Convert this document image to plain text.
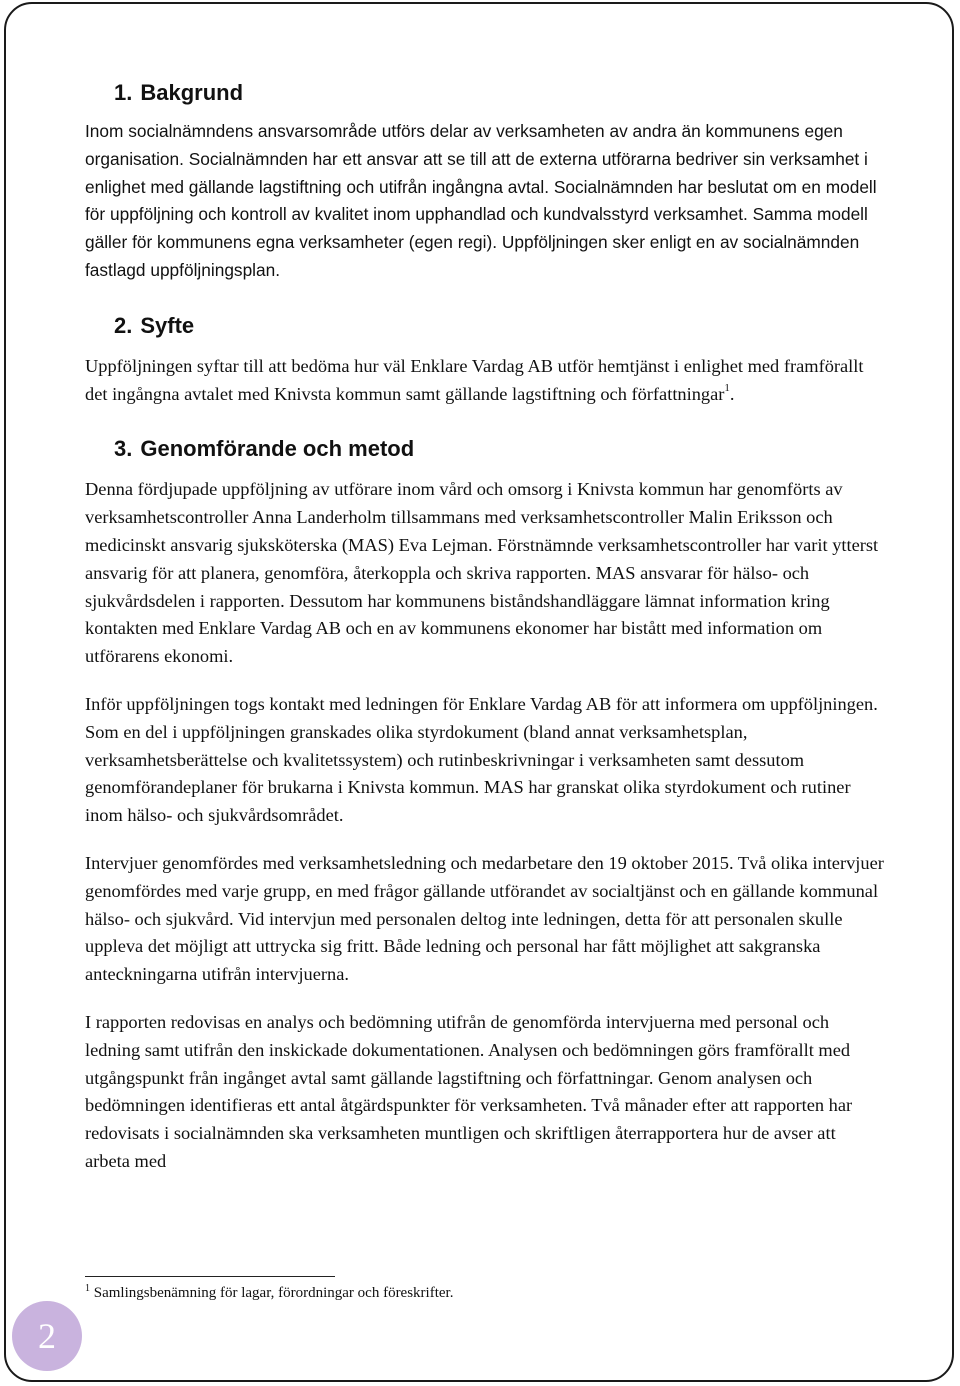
1. Bakgrund

Inom socialnämndens ansvarsområde utförs delar av verksamheten av andra än kommunens egen organisation. Socialnämnden har ett ansvar att se till att de externa utförarna bedriver sin verksamhet i enlighet med gällande lagstiftning och utifrån ingångna avtal. Socialnämnden har beslutat om en modell för uppföljning och kontroll av kvalitet inom upphandlad och kundvalsstyrd verksamhet. Samma modell gäller för kommunens egna verksamheter (egen regi). Uppföljningen sker enligt en av socialnämnden fastlagd uppföljningsplan.

2. Syfte

Uppföljningen syftar till att bedöma hur väl Enklare Vardag AB utför hemtjänst i enlighet med framförallt det ingångna avtalet med Knivsta kommun samt gällande lagstiftning och författningar$^1$.

3. Genomförande och metod

Denna fördjupade uppföljning av utförare inom vård och omsorg i Knivsta kommun har genomförts av verksamhetscontroller Anna Landerholm tillsammans med verksamhetscontroller Malin Eriksson och medicinskt ansvarig sjuksköterska (MAS) Eva Lejman. Förstnämnde verksamhetscontroller har varit ytterst ansvarig för att planera, genomföra, återkoppla och skriva rapporten. MAS ansvarar för hälso- och sjukvårdsdelen i rapporten. Dessutom har kommunens biståndshandläggare lämnat information kring kontakten med Enklare Vardag AB och en av kommunens ekonomer har bistått med information om utförarens ekonomi.

Inför uppföljningen togs kontakt med ledningen för Enklare Vardag AB för att informera om uppföljningen. Som en del i uppföljningen granskades olika styrdokument (bland annat verksamhetsplan, verksamhetsberättelse och kvalitetssystem) och rutinbeskrivningar i verksamheten samt dessutom genomförandeplaner för brukarna i Knivsta kommun. MAS har granskat olika styrdokument och rutiner inom hälso- och sjukvårdsområdet.

Intervjuer genomfördes med verksamhetsledning och medarbetare den 19 oktober 2015. Två olika intervjuer genomfördes med varje grupp, en med frågor gällande utförandet av socialtjänst och en gällande kommunal hälso- och sjukvård. Vid intervjun med personalen deltog inte ledningen, detta för att personalen skulle uppleva det möjligt att uttrycka sig fritt. Både ledning och personal har fått möjlighet att sakgranska anteckningarna utifrån intervjuerna.

I rapporten redovisas en analys och bedömning utifrån de genomförda intervjuerna med personal och ledning samt utifrån den inskickade dokumentationen. Analysen och bedömningen görs framförallt med utgångspunkt från ingånget avtal samt gällande lagstiftning och författningar. Genom analysen och bedömningen identifieras ett antal åtgärdspunkter för verksamheten. Två månader efter att rapporten har redovisats i socialnämnden ska verksamheten muntligen och skriftligen återrapportera hur de avser att arbeta med

$^1$ Samlingsbenämning för lagar, förordningar och föreskrifter.
2
